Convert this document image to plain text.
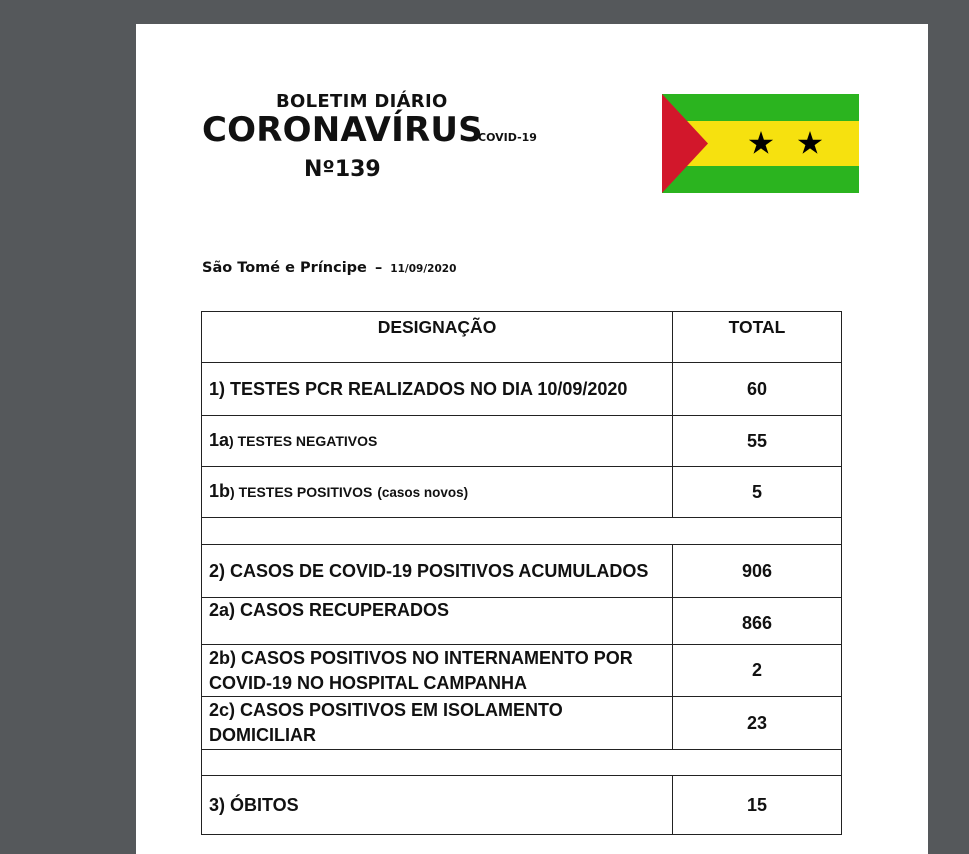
BOLETIM DIÁRIO
CORONAVÍRUS
COVID-19
Nº139
São Tomé e Príncipe – 11/09/2020
DESIGNAÇÃO	TOTAL
1) TESTES PCR REALIZADOS NO DIA 10/09/2020	60
1a) TESTES NEGATIVOS	55
1b) TESTES POSITIVOS (casos novos)	5

2) CASOS DE COVID-19 POSITIVOS ACUMULADOS	906
2a) CASOS RECUPERADOS	866
2b) CASOS POSITIVOS NO INTERNAMENTO POR COVID-19 NO HOSPITAL CAMPANHA	2
2c) CASOS POSITIVOS EM ISOLAMENTO DOMICILIAR	23

3) ÓBITOS	15
